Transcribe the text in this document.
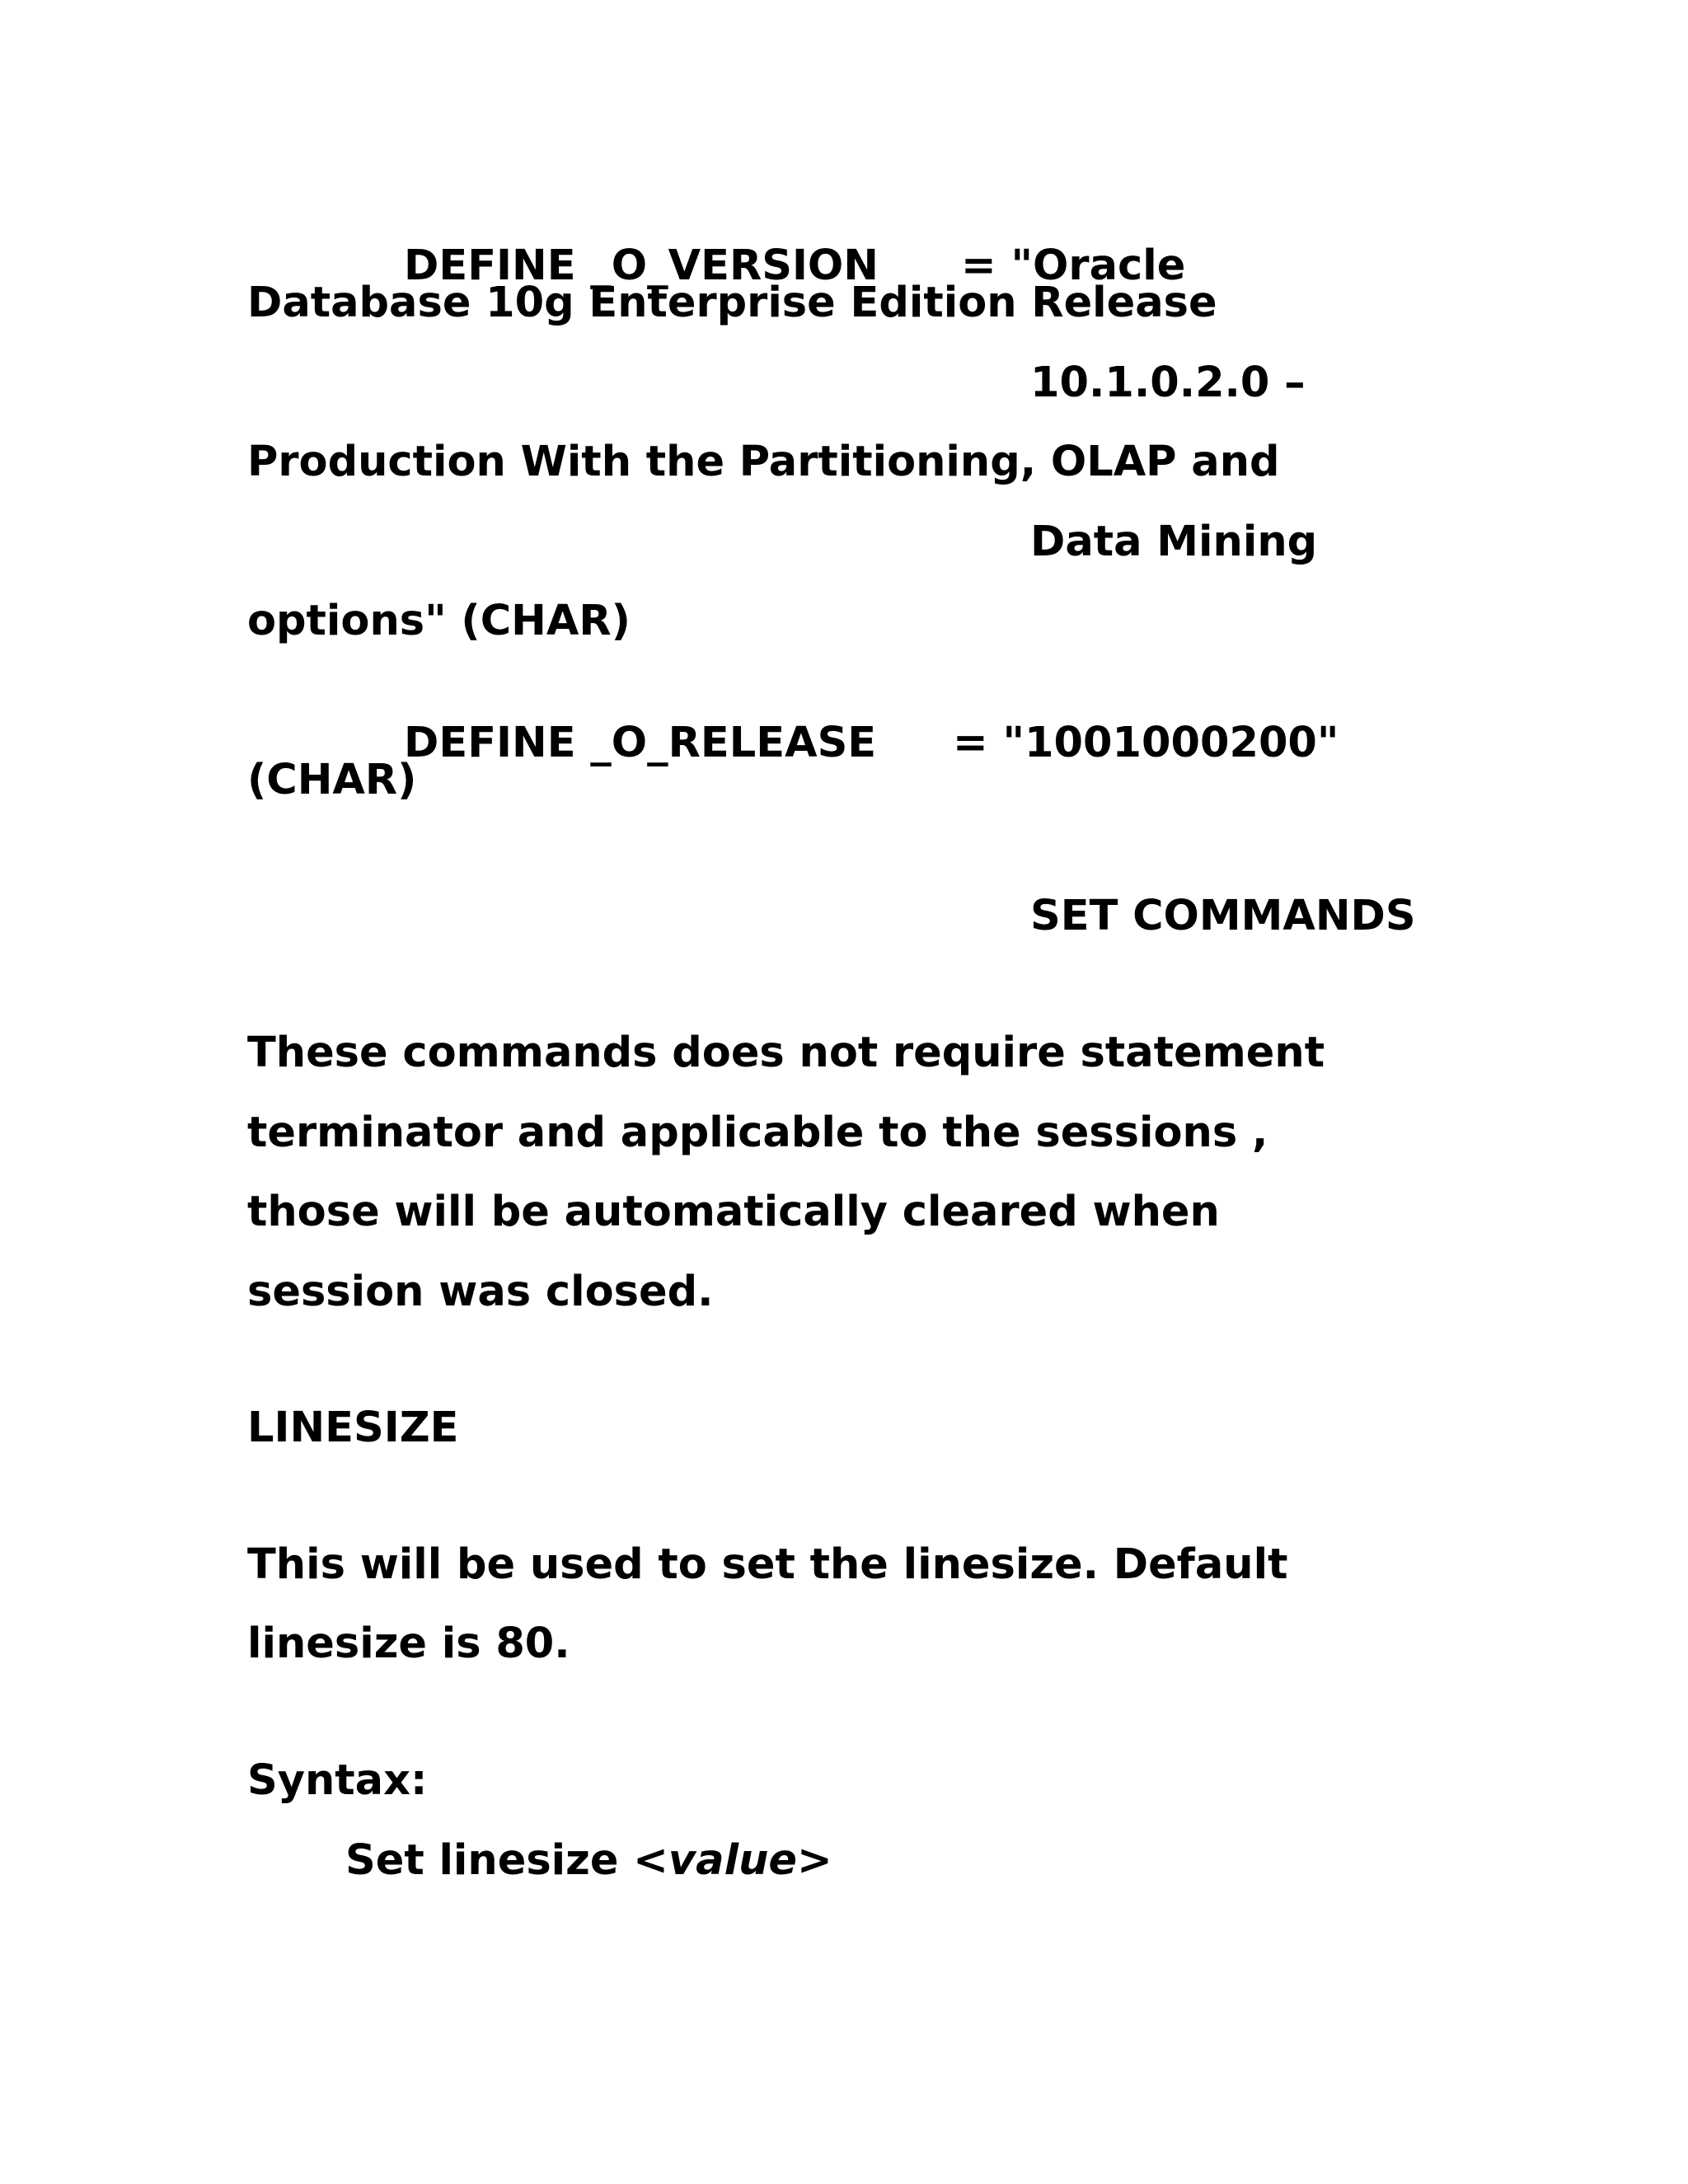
DEFINE _O_VERSION = "Oracle

Database 10g Enterprise Edition Release
10.1.0.2.0 –
Production With the Partitioning, OLAP and
Data Mining
options" (CHAR)

DEFINE _O_RELEASE = "1001000200"

(CHAR)
SET COMMANDS
These commands does not require statement
terminator and applicable to the sessions ,
those will be automatically cleared when
session was closed.
LINESIZE
This will be used to set the linesize. Default
linesize is 80.
Syntax:
Set linesize <value>
